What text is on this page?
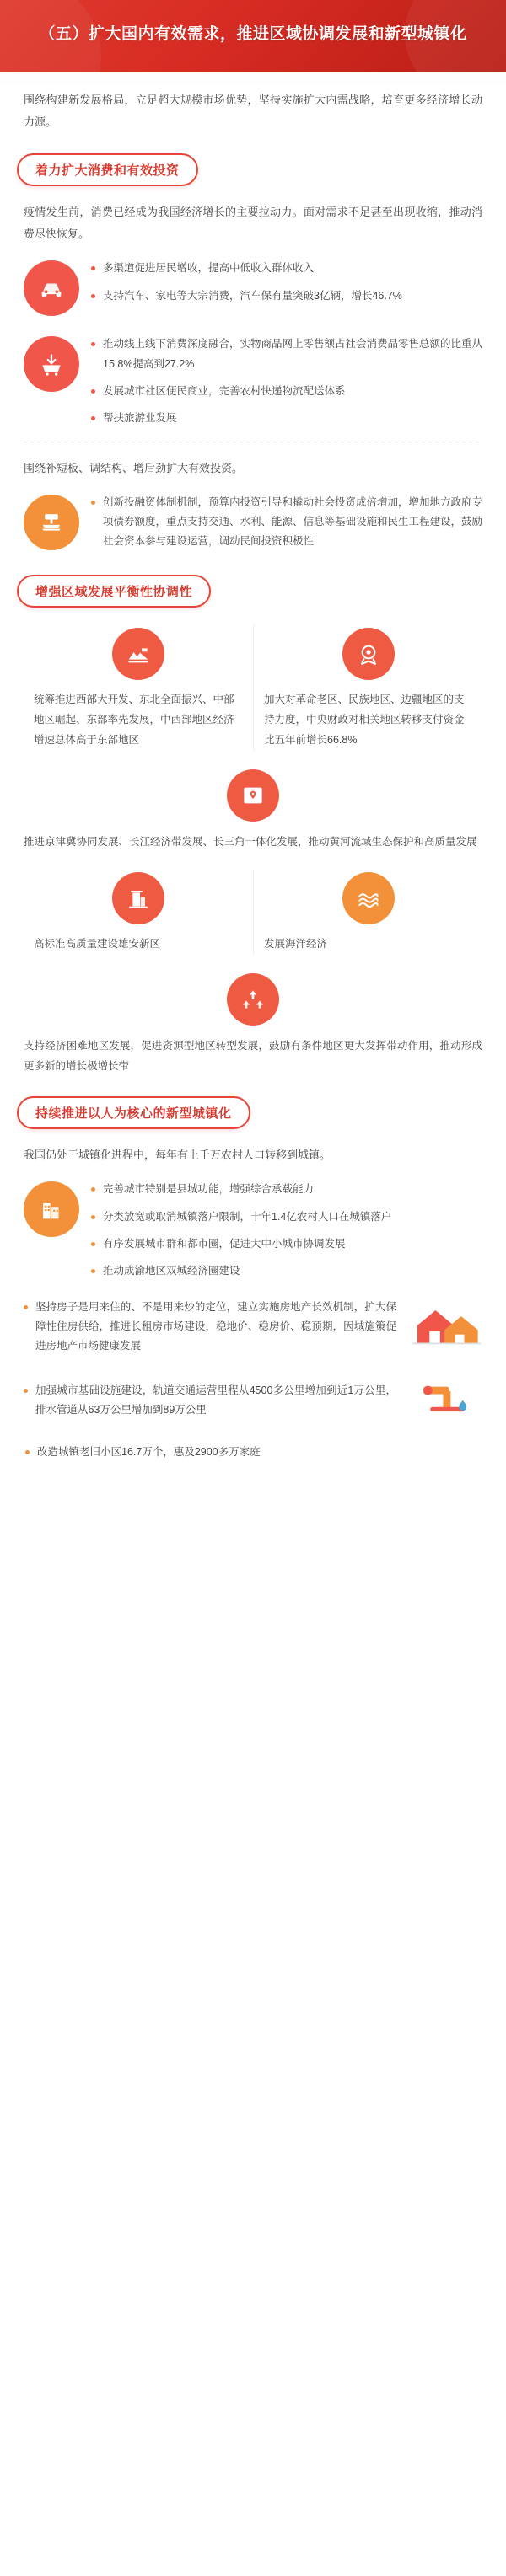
（五）扩大国内有效需求，推进区域协调发展和新型城镇化
围绕构建新发展格局，立足超大规模市场优势，坚持实施扩大内需战略，培育更多经济增长动力源。
着力扩大消费和有效投资
疫情发生前，消费已经成为我国经济增长的主要拉动力。面对需求不足甚至出现收缩，推动消费尽快恢复。
多渠道促进居民增收，提高中低收入群体收入
支持汽车、家电等大宗消费，汽车保有量突破3亿辆，增长46.7%
推动线上线下消费深度融合，实物商品网上零售额占社会消费品零售总额的比重从15.8%提高到27.2%
发展城市社区便民商业，完善农村快递物流配送体系
帮扶旅游业发展
围绕补短板、调结构、增后劲扩大有效投资。
创新投融资体制机制，预算内投资引导和撬动社会投资成倍增加，增加地方政府专项债券额度，重点支持交通、水利、能源、信息等基础设施和民生工程建设，鼓励社会资本参与建设运营，调动民间投资积极性
增强区域发展平衡性协调性
统筹推进西部大开发、东北全面振兴、中部地区崛起、东部率先发展，中西部地区经济增速总体高于东部地区
加大对革命老区、民族地区、边疆地区的支持力度，中央财政对相关地区转移支付资金比五年前增长66.8%
推进京津冀协同发展、长江经济带发展、长三角一体化发展，推动黄河流域生态保护和高质量发展
高标准高质量建设雄安新区	发展海洋经济
支持经济困难地区发展，促进资源型地区转型发展，鼓励有条件地区更大发挥带动作用，推动形成更多新的增长极增长带
持续推进以人为核心的新型城镇化
我国仍处于城镇化进程中，每年有上千万农村人口转移到城镇。
完善城市特别是县城功能，增强综合承载能力
分类放宽或取消城镇落户限制，十年1.4亿农村人口在城镇落户
有序发展城市群和都市圈，促进大中小城市协调发展
推动成渝地区双城经济圈建设
坚持房子是用来住的、不是用来炒的定位，建立实施房地产长效机制，扩大保障性住房供给，推进长租房市场建设，稳地价、稳房价、稳预期，因城施策促进房地产市场健康发展
加强城市基础设施建设，轨道交通运营里程从4500多公里增加到近1万公里，排水管道从63万公里增加到89万公里
改造城镇老旧小区16.7万个，惠及2900多万家庭
